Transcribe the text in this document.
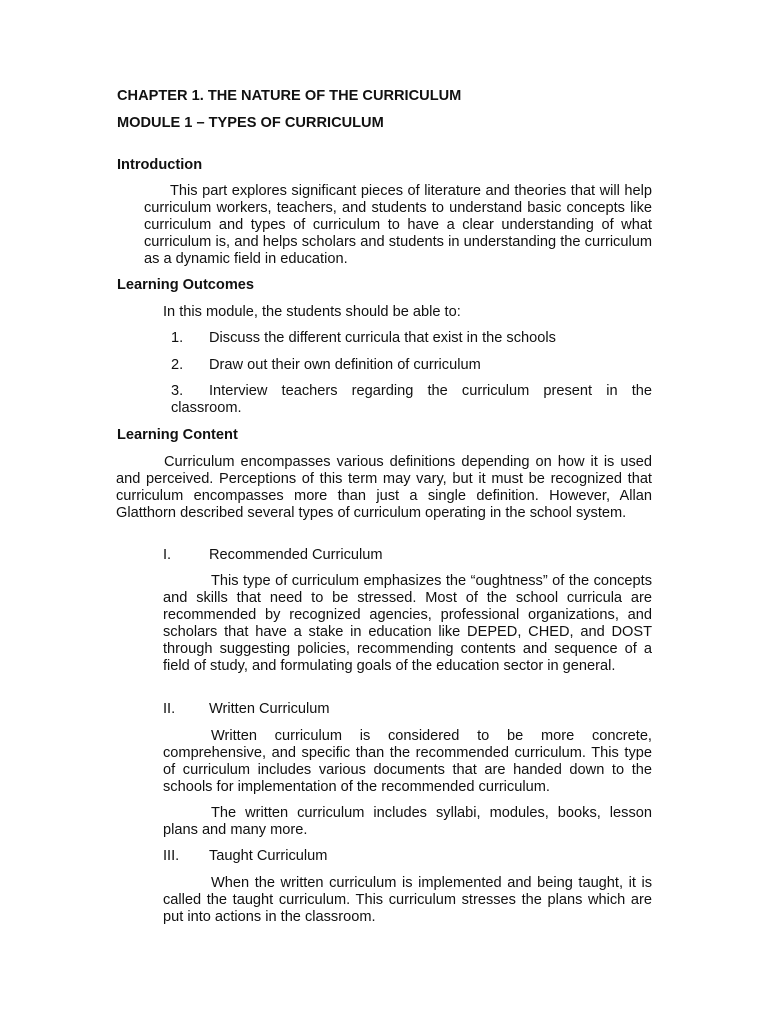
CHAPTER 1. THE NATURE OF THE CURRICULUM

MODULE 1 – TYPES OF CURRICULUM

Introduction

This part explores significant pieces of literature and theories that will help curriculum workers, teachers, and students to understand basic concepts like curriculum and types of curriculum to have a clear understanding of what curriculum is, and helps scholars and students in understanding the curriculum as a dynamic field in education.

Learning Outcomes

In this module, the students should be able to:

1. Discuss the different curricula that exist in the schools

2. Draw out their own definition of curriculum

3. Interview teachers regarding the curriculum present in the classroom.

Learning Content

Curriculum encompasses various definitions depending on how it is used and perceived. Perceptions of this term may vary, but it must be recognized that curriculum encompasses more than just a single definition. However, Allan Glatthorn described several types of curriculum operating in the school system.

I.	Recommended Curriculum

This type of curriculum emphasizes the “oughtness” of the concepts and skills that need to be stressed. Most of the school curricula are recommended by recognized agencies, professional organizations, and scholars that have a stake in education like DEPED, CHED, and DOST through suggesting policies, recommending contents and sequence of a field of study, and formulating goals of the education sector in general.

II. Written Curriculum

Written curriculum is considered to be more concrete, comprehensive, and specific than the recommended curriculum. This type of curriculum includes various documents that are handed down to the schools for implementation of the recommended curriculum.

The written curriculum includes syllabi, modules, books, lesson plans and many more.

III. Taught Curriculum

When the written curriculum is implemented and being taught, it is called the taught curriculum. This curriculum stresses the plans which are put into actions in the classroom.
